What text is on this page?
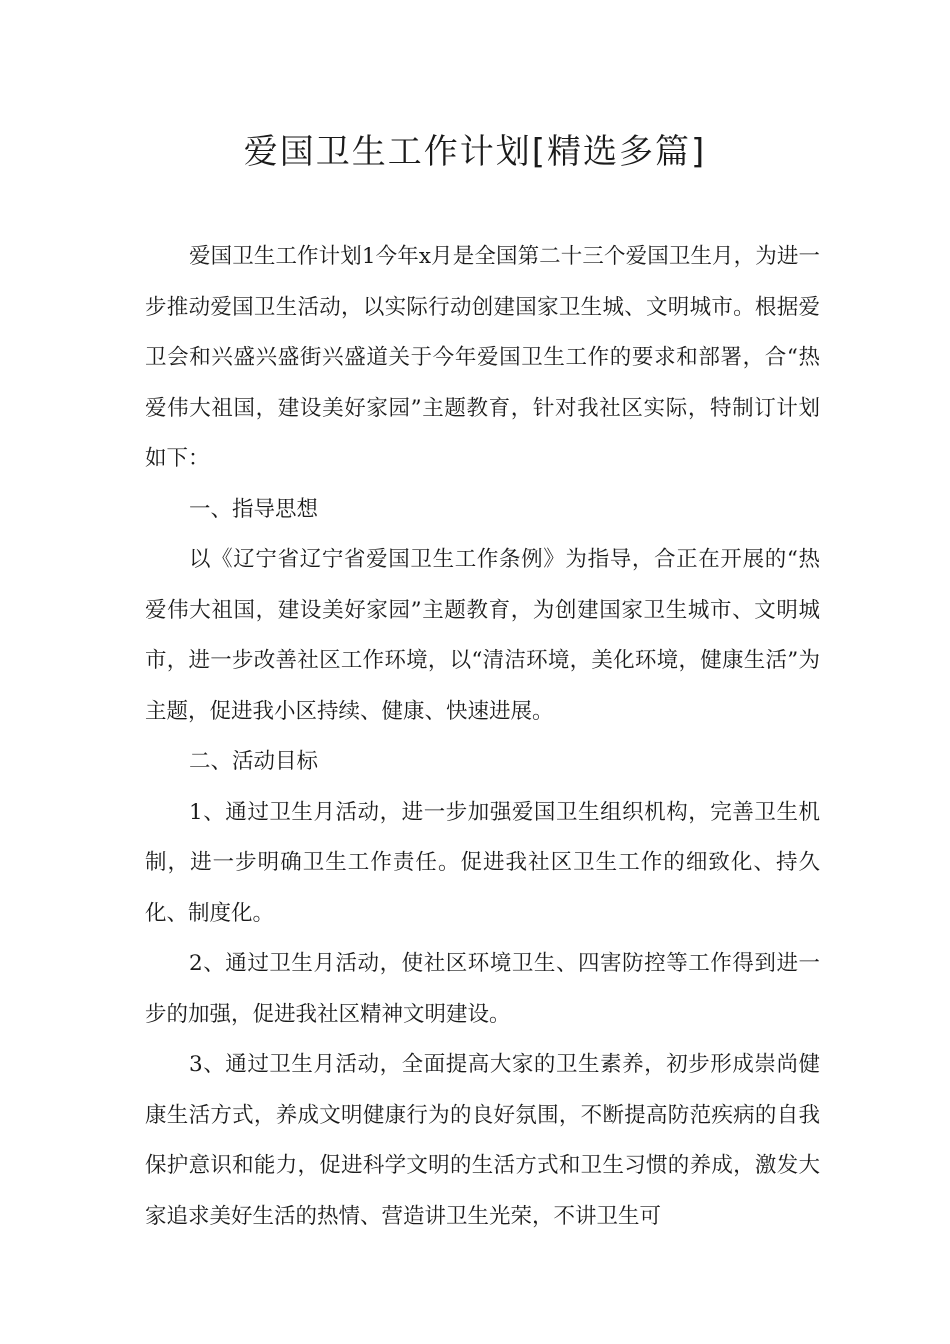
爱国卫生工作计划[精选多篇]

爱国卫生工作计划1今年x月是全国第二十三个爱国卫生月，为进一步推动爱国卫生活动，以实际行动创建国家卫生城、文明城市。根据爱卫会和兴盛兴盛街兴盛道关于今年爱国卫生工作的要求和部署，合“热爱伟大祖国，建设美好家园”主题教育，针对我社区实际，特制订计划如下：

一、指导思想

以《辽宁省辽宁省爱国卫生工作条例》为指导，合正在开展的“热爱伟大祖国，建设美好家园”主题教育，为创建国家卫生城市、文明城市，进一步改善社区工作环境，以“清洁环境，美化环境，健康生活”为主题，促进我小区持续、健康、快速进展。

二、活动目标

1、通过卫生月活动，进一步加强爱国卫生组织机构，完善卫生机制，进一步明确卫生工作责任。促进我社区卫生工作的细致化、持久化、制度化。

2、通过卫生月活动，使社区环境卫生、四害防控等工作得到进一步的加强，促进我社区精神文明建设。

3、通过卫生月活动，全面提高大家的卫生素养，初步形成崇尚健康生活方式，养成文明健康行为的良好氛围，不断提高防范疾病的自我保护意识和能力，促进科学文明的生活方式和卫生习惯的养成，激发大家追求美好生活的热情、营造讲卫生光荣，不讲卫生可
